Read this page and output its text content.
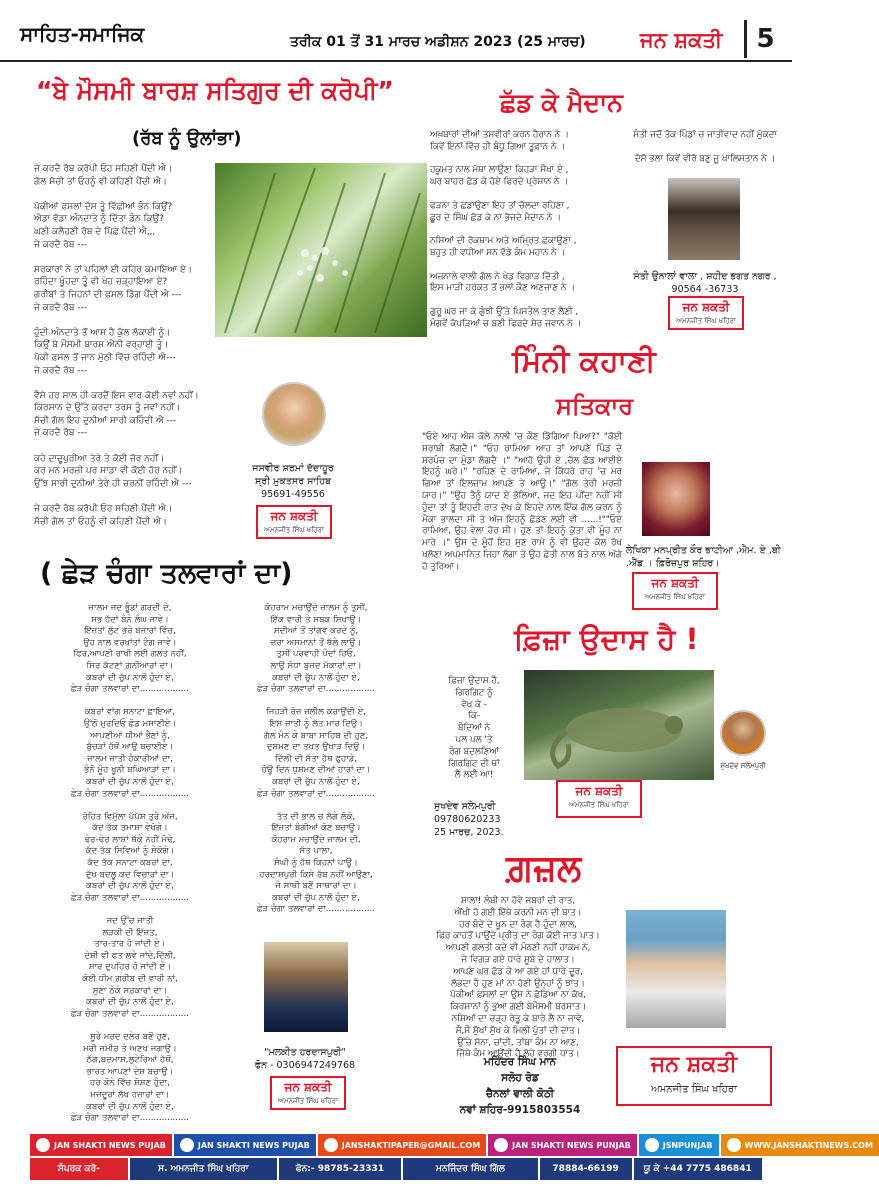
ਸਾਹਿਤ-ਸਮਾਜਿਕ	ਤਰੀਕ 01 ਤੋਂ 31 ਮਾਰਚ ਅਡੀਸ਼ਨ 2023 (25 ਮਾਰਚ)	ਜਨ ਸ਼ਕਤੀ	5
“ਬੇ ਮੌਸਮੀ ਬਾਰਸ਼ ਸਤਿਗੁਰ ਦੀ ਕਰੋਪੀ”
(ਰੱਬ ਨੂੰ ਉਲਾਂਭਾ)
ਜੇ ਕਰਦੈ ਰੱਬ ਕਰੋਪੀ ਓਹ ਸਹਿਣੀ ਪੈਂਦੀ ਐ।
ਗੱਲ ਸੱਚੀ ਤਾਂ ਓਹਨੂੰ ਵੀ ਕਹਿਣੀ ਪੈਂਦੀ ਐ।

ਪੱਕੀਆਂ ਫ਼ਸਲਾਂ ਦੱਸ ਤੂੰ ਵਿੱਛੀਆਂ ਭੰਨ ਕਿਉਂ?
ਐਡਾ ਵੱਡਾ ਅੰਨਦਾਤੇ ਨੂੰ ਦਿੱਤਾ ਡੰਨ ਕਿਉਂ?
ਘਣੀ ਕਲੈਹਣੀ ਰੱਬ ਦੇ ਪਿੱਛੇ ਪੈਂਦੀ ਐ,,,
ਜੇ ਕਰਦੈ ਰੱਬ ---

ਸਰਕਾਰਾਂ ਨੇ ਤਾਂ ਪਹਿਲਾਂ ਈ ਕਹਿਰ ਕਮਾਇਆ ਏ।
ਰਹਿੰਦਾ ਖੂੰਹਦਾ ਤੂੰ ਵੀ ਖੇਹ ਚੜ੍ਹਾਇਆ ਏ?
ਗਰੀਬਾਂ ਤੇ ਜਿਹਨਾਂ ਦੀ ਫ਼ਸਲ ਡਿੱਗ ਪੈਂਦੀ ਐ ---
ਜੇ ਕਰਦੈ ਰੱਬ ---

ਹੁੰਦੀ ਅੰਨਦਾਤੇ ਤੋਂ ਆਸ ਹੈ ਕੁੱਲ ਲੋਕਾਈ ਨੂੰ।
ਕਿਉਂ ਬੇ ਮੌਸਮੀ ਬਾਰਸ਼ ਐਨੀ ਵਰ੍ਹਾਈ ਤੂੰ।
ਪੱਕੀ ਫ਼ਸਲ ਤੋਂ ਜਾਨ ਮੁੱਠੀ ਵਿੱਚ ਰਹਿੰਦੀ ਐ---
ਜੇ ਕਰਦੈ ਰੱਬ ---

ਵੈਸੇ ਹਰ ਸਾਲ ਹੀ ਕਰਦੈਂ ਇਸ ਵਾਰ ਕੋਈ ਨਵਾਂ ਨਹੀਂ।
ਕਿਰਸਾਨ ਦੇ ਉੱਤੇ ਕਰਦਾ ਤਰਸ ਤੂੰ ਜਵਾਂ ਨਹੀਂ।
ਸੱਚੀ ਗੱਲ ਇਹ ਦੁਨੀਆਂ ਸਾਰੀ ਕਹਿੰਦੀ ਐ ---
ਜੇ ਕਰਦੈ ਰੱਬ ---

ਕਹੇ ਦਾਦੂਪੁਰੀਆ ਤੇਰੇ ਤੇ ਕੋਈ ਜ਼ੋਰ ਨਹੀਂ।
ਕਰ ਮਨ ਮਰਜ਼ੀ ਪਰ ਸਾਡਾ ਵੀ ਕੋਈ ਹੋਰ ਨਹੀਂ।
ਉੱਝ ਸਾਰੀ ਦੁਨੀਆਂ ਤੇਰੇ ਹੀ ਚਰਨੀਂ ਰਹਿੰਦੀ ਐ ---

ਜੇ ਕਰਦੈ ਰੱਬ ਕਰੋਪੀ ਓਹ ਸਹਿਣੀ ਪੈਂਦੀ ਐ।
ਸੱਚੀ ਗੱਲ ਤਾਂ ਓਹਨੂੰ ਵੀ ਕਹਿਣੀ ਪੈਂਦੀ ਐ।
ਜਸਵੀਰ ਸ਼ਰਮਾਂ ਦੱਦਾਹੂਰ
ਸ੍ਰੀ ਮੁਕਤਸਰ ਸਾਹਿਬ
95691-49556
ਜਨ ਸ਼ਕਤੀ
ਅਮਨਜੀਤ ਸਿੰਘ ਖਹਿਰਾ
( ਛੇੜ ਚੰਗਾ ਤਲਵਾਰਾਂ ਦਾ)
ਜ਼ਾਲਮ ਜਦ ਭੂੰਡਾਂ ਗਰਦੀ ਦੇ,
ਸਭ ਹੱਦਾਂ ਬੰਨੇ ਲੰਘ ਜਾਵੇ।
ਇੱਜ਼ਤਾਂ ਲੁੱਟ ਭਰੇ ਬਜ਼ਾਰਾਂ ਵਿੱਚ,
ਉਹ ਨਾਲ ਵਰਖਾਂਤਾਂ ਟੰਗ ਜਾਵੇ।
ਫਿਰ,ਆਪਣੀ ਰਾਖੀ ਲਈ ਗਲਤ ਨਹੀਂ,
ਸਿਰ ਕੱਟਣਾਂ ਗ਼ਨੀਆਰਾਂ ਦਾ।
ਕਬਰਾਂ ਦੀ ਚੁੱਪ ਨਾਲੋਂ ਹੁੰਦਾ ਏ,
ਛੇੜ ਚੰਗਾ ਤਲਵਾਰਾਂ ਦਾ..................

ਕਬਰਾਂ ਵਾਂਗ ਸਨਾਟਾ ਛਾਇਆ,
ਉੱਠੋ ਮੁਰਦਿਓ ਛੋਡ ਮਸਾਣੀਏ।
ਆਪਣੀਆਂ ਧੀਆਂ ਭੈਣਾਂ ਨੂੰ,
ਬੁੱਚੜਾਂ ਹੱਥੋਂ ਆਉ ਬਚਾਈਏ।
ਜ਼ਾਲਮ ਜ਼ਾਤੀ ਹੰਕਾਰੀਆਂ ਦਾ,
ਭੰਨੋ ਮੂੰਹ ਖੂਨੀ ਬਘਿਆੜਾਂ ਦਾ।
ਕਬਰਾਂ ਦੀ ਚੁੱਪ ਨਾਲੋਂ ਹੁੰਦਾ ਏ,
ਛੇੜ ਚੰਗਾ ਤਲਵਾਰਾਂ ਦਾ..................

ਰੋਹਿਤ ਵਿਮੁੱਲਾ ਪੱਪੱਸ਼ ਤੁਰੋ ਅੱਜ,
ਕੱਦ ਤੱਕ ਤਮਾਸ਼ਾ ਵੇਖੋਗੇ।
ਢੇਰ-ਢੇਰ ਲਾਸ਼ਾਂ ਥੱਕੇ ਨਹੀਂ ਮੋਢੇ,
ਕੱਦ ਤੱਕ ਸਿਵਿਆਂ ਨੂੰ ਸੇਕੋਗੇ।
ਕੱਦ ਤੱਕ ਸਨਾਟਾ ਕਬਰਾਂ ਦਾ,
ਦੁੱਖ ਬਦਲੂ ਕਦ ਵਿਚਾਰਾਂ ਦਾ।
ਕਬਰਾਂ ਦੀ ਚੁੱਪ ਨਾਲੋਂ ਹੁੰਦਾ ਏ,
ਛੇੜ ਚੰਗਾ ਤਲਵਾਰਾਂ ਦਾ..................

ਜਦ ਉੱਚ ਜਾਤੀ
ਲੜਕੀ ਦੀ ਇੱਜ਼ਤ,
ਤਾਰ-ਤਾਰ ਹੋ ਜਾਂਦੀ ਏ।
ਦੇਸ਼ੀ ਵੀ ਫਤ ਲਵੇ ਜਾਂਦੇ,ਦਿੱਲੀ,
ਸ਼ਾਰ ਦੁਪਹਿਰ ਹੋ ਜਾਂਦੀ ਏ।
ਕੋਈ ਧੀਮ ਗ਼ਰੀਬ ਦੀ ਵਾਰੀ ਨਾਂ,
ਸੁਣਾ ਠੇਕੇ ਸਰਕਾਰਾਂ ਦਾ।
ਕਬਰਾਂ ਦੀ ਚੁੱਪ ਨਾਲੋਂ ਹੁੰਦਾ ਏ,
ਛੇੜ ਚੰਗਾ ਤਲਵਾਰਾਂ ਦਾ..................

ਸੂਰੇ ਮਰਦ ਦਲੇਰ ਬਣੋਂ ਹੁਣ,
ਮਰੀ ਜ਼ਮੀਰ ਤੇ ਅਣਖ ਜਗਾਉ।
ਠੱਗ,ਬਦਮਾਸ਼,ਲੁਟੇਰਿਆਂ ਹੱਥੋਂ,
ਭਾਰਤ ਆਪਣਾਂ ਦੇਸ਼ ਬਚਾਉ।
ਹਰ ਕੋਨੇ ਵਿੱਚ ਸ਼ੋਸ਼ਣ ਹੁੰਦਾ,
ਮਜ਼ਦੂਰਾਂ ਲੱਖ ਹਜ਼ਾਰਾਂ ਦਾ।
ਕਬਰਾਂ ਦੀ ਚੁੱਪ ਨਾਲੋਂ ਹੁੰਦਾ ਏ,
ਛੇੜ ਚੰਗਾ ਤਲਵਾਰਾਂ ਦਾ..................
ਕੋਹਰਾਮ ਮਚਾਉਂਦੇ ਜ਼ਾਲਮ ਨੂੰ ਤੁਸੀਂ,
ਇੱਕ ਵਾਰੀ ਤੇ ਸਬਕ ਸਿਖਾਉ।
ਸਦੀਆਂ ਤੋਂ ਤਾਂਗਵ ਕਰਦੇ ਨੂੰ,
ਜ਼ਰਾ ਅਸਮਾਨਾਂ ਤੋਂ ਥੱਲੇ ਲਾਉ।
ਤੁਸੀਂ ਪਰਵਾਹੀ ਪੰਦਾਂ ਹਿਓ,
ਲਾਉ ਸੋਧਾ ਬੁਜ਼ਦ ਮੱਕਾਰਾਂ ਦਾ।
ਕਬਰਾਂ ਦੀ ਚੁੱਪ ਨਾਲੋਂ ਹੁੰਦਾ ਏ,
ਛੇੜ ਚੰਗਾ ਤਲਵਾਰਾਂ ਦਾ..................

ਜਿਹੜੀ ਰੋਜ਼ ਜ਼ਲੀਲ ਕਰਾਉਂਦੀ ਏ,
ਇਸ ਜ਼ਾਤੀ ਨੂੰ ਲੱਤ ਮਾਰ ਦਿਉ।
ਗੱਲ ਮੰਨ ਕੇ ਬਾਬਾ ਸਾਹਿਬ ਦੀ ਹੁਣ,
ਦੁਸ਼ਮਣ ਦਾ ਤਖ਼ਤ ਉਖਾੜ ਦਿਉ।
ਦਿੱਲੀ ਦੀ ਸੱਤਾ ਹੱਥ ਫੁਹਾਡੇ,
ਹੋਊ ਦਿਨ ਧੁਸ਼ਮਣ ਦੀਆਂ ਹਾਰਾਂ ਦਾ।
ਕਬਰਾਂ ਦੀ ਚੁੱਪ ਨਾਲੋਂ ਹੁੰਦਾ ਏ,
ਛੇੜ ਚੰਗਾ ਤਲਵਾਰਾਂ ਦਾ..................

ਤੱਤ ਦੀ ਭਾਲ ਚ ਲੱਗੇ ਲੋਕੋ,
ਇੱਜ਼ਤਾਂ ਬੰਗੀਆਂ ਕੋਣ ਬਚਾਊ।
ਕੋਹਰਾਮ ਮਚਾਉਂਦੇ ਜ਼ਾਲਮ ਦੀ,
ਸੱਤ ਪਾਲਾ,
ਸੰਘੀ ਨੂੰ ਹੱਥ ਕਿਹਨਾਂ ਪਾਊ।
ਹਰਦਾਸਪੁਰੀ ਕਿਸੇ ਰੱਬ ਨਹੀਂ ਆਉਣਾ,
ਜੇ ਸਾਥੀ ਬਣੋਂ ਸਾਥਾਰਾਂ ਦਾ।
ਕਬਰਾਂ ਦੀ ਚੁੱਪ ਨਾਲੋਂ ਹੁੰਦਾ ਏ,
ਛੇੜ ਚੰਗਾ ਤਲਵਾਰਾਂ ਦਾ..................
"ਮਲਕੀਤ ਹਰਦਾਸਪੁਰੀ"
ਫੋਨ - 0306947249768
ਜਨ ਸ਼ਕਤੀ
ਅਮਨਜੀਤ ਸਿੰਘ ਖਹਿਰਾ
ਛੱਡ ਕੇ ਮੈਦਾਨ
ਅਖ਼ਬਾਰਾਂ ਦੀਆਂ ਤਸਵੀਰਾਂ ਕਰਨ ਹੈਰਾਨ ਨੇ ।
ਕਿਵੇਂ ਇਨਾਂ ਵਿੱਚ ਹੀ ਬੰਧੂ ਗਿਆ ਤੂਫ਼ਾਨ ਨੇ ।

ਹਕੂਮਤ ਨਾਲ ਮੱਥਾ ਲਾਉਣਾ ਕਿਹੜਾ ਸੌਖਾ ਏ ,
ਘਰ ਬਾਹਰ ਛੱਡ ਕੇ ਹੋਏ ਫਿਰਦੇ ਪ੍ਰੇਸ਼ਾਨ ਨੇ ।

ਫੜਨਾ ਤੇ ਛਡਾਉਣਾ ਇਹ ਤਾਂ ਚੱਲਦਾ ਰਹਿਣਾ ,
ਛੂਰ ਦੇ ਸਿੰਘ ਛੱਡ ਕੇ ਨਾ ਭੱਜਦੇ ਮੈਦਾਨ ਨੇ ।

ਨਸ਼ਿਆਂ ਦੀ ਰੋਕਥਾਮ ਅਤੇ ਅਮ੍ਰਿਤ ਛਕਾਉਣਾ ,
ਬਹੁਤ ਹੀ ਵਧੀਆ ਸਨ ਵੱਡੇ ਕੰਮ ਮਹਾਨ ਨੇ ।

ਅਜਨਾਲੇ ਵਾਲੀ ਗੱਲ ਨੇ ਖੇਡ ਵਿਗਾੜ ਦਿੱਤੀ ,
ਇਸ ਮਾੜੀ ਹਰਕਤ ਤੋਂ ਭਲਾਂ ਕੌਣ ਅਣਜਾਣ ਨੇ ।

ਗੁਰੂ ਘਰ ਜਾ ਕੇ ਗੁੰਝੀ ਉੱਤੇ ਪਿਸਤੌਲ ਤਾਣ ਲੈਣੀ ,
ਮੰਗਵੇਂ ਕੱਪੜਿਆਂ ਚ ਬਣੀ ਫਿਰਦੇ ਸ਼ੇਰ ਜਵਾਨ ਨੇ ।
ਸੰਤੀ ਜਦੋਂ ਤੱਕ ਪਿੰਡਾਂ ਚ ਜਾਤੀਵਾਦ ਨਹੀਂ ਮੁੱਕਦਾ

ਦੱਸੋ ਭਲਾ ਕਿਵੇਂ ਵੀਰੋ ਬਣੁ ਜੂ ਖਾਲਿਸਤਾਨ ਨੇ ।
ਸੰਤੀ ਉਨਾਲਾਂ ਵਾਲਾ , ਸ਼ਹੀਦ ਭਗਤ ਨਗਰ ,
90564 -36733
ਜਨ ਸ਼ਕਤੀ
ਅਮਨਜੀਤ ਸਿੰਘ ਖਹਿਰਾ
ਮਿੰਨੀ ਕਹਾਣੀ
ਸਤਿਕਾਰ
"ਓਏ ਆਹ ਐਸ ਕੋਲੇ ਨਾਲੀ 'ਚ ਕੌਣ ਡਿੱਗਿਆ ਪਿਆ?" "ਕੋਈ ਸ਼ਰਾਬੀ ਲੱਗਦੈ।" "ਓਹ ਰਾਮਿਆ ਆਹ ਤਾਂ ਆਪਣੇ ਪਿੰਡ ਦੇ ਸਰਪੰਚ ਦਾ ਮੁੰਡਾ ਲੱਗਦੈ ।" "ਆਹੋ ਉਹੀ ਏ ,ਚੱਲ ਛੱਡ ਆਈਏ ਇਹਨੂੰ ਘਰੇ।" "ਰਹਿਣ ਦੇ ਰਾਮਿਆ, ਜੇ ਕਿੱਧਰੇ ਰਾਹ 'ਚ ਮਰ ਗਿਆ ਤਾਂ ਇਲਜ਼ਾਮ ਆਪਣੇ ਤੇ ਆਊ।" "ਗੱਲ ਤੇਰੀ ਮਰਜ਼ੀ ਯਾਰ।" "ਉਹ ਤੈਨੂੰ ਯਾਦ ਏ ਭੋਲਿਆ, ਜਦ ਇਹ ਪੀਂਦਾ ਨਹੀਂ ਸੀ ਹੁੰਦਾ ਤਾਂ ਤੂੰ ਇਹਦੀ ਰਾਤ ਦੇਖ ਕੇ ਇਹਦੇ ਨਾਲ ਇੱਕ ਗੱਲ ਕਰਨ ਨੂੰ ਮੌਕਾ ਭਾਲਦਾ ਸੀ ਤੇ ਅੱਜ ਇਹਨੂੰ ਛੱਡਣ ਲਈ ਵੀ ......!""ਓਏ ਰਾਮਿਆ, ਉਹ ਵੇਲਾ ਹੋਰ ਸੀ। ਹੁਣ ਤਾਂ ਇਹਨੂੰ ਕੁੱਤਾ ਵੀ ਮੂੰਹ ਨਾ ਮਾਰੇ ।" ਉਸ ਦੇ ਮੂੰਹੋਂ ਇਹ ਸੁਣ ਰਾਮੇ ਨੂੰ ਵੀ ਉਹਦੇ ਕੋਲ ਰੱਖ ਖਲੋਣਾ ਅਪਮਾਨਿਤ ਜਿਹਾ ਲੱਗਾ ਤੇ ਉਹ ਛੇਤੀ ਨਾਲ ਬੱਤੇ ਨਾਲ ਅੱਗੇ ਹੋ ਤੁਰਿਆ।
ਲੇਖਿਕਾ ਮਨਪ੍ਰੀਤ ਕੌਰ ਭਾਟੀਆ ,ਐਮ. ਏ ,ਬੀ .ਐੱਡ । ਫ਼ਿਰੋਜ਼ਪੁਰ ਸ਼ਹਿਰ।
ਜਨ ਸ਼ਕਤੀ
ਅਮਨਜੀਤ ਸਿੰਘ ਖਹਿਰਾ
ਫ਼ਿਜ਼ਾ ਉਦਾਸ ਹੈ !
ਫ਼ਿਜ਼ਾ ਉਦਾਸ ਹੈ,
ਗਿਰਗਿਟ ਨੂੰ
ਵੇਖ ਕੇ -
ਕਿ-
ਬੰਦਿਆਂ ਨੇ
ਪਲ ਪਲ 'ਤੇ
ਰੰਗ ਬਦਲਣਿਆਂ
ਗਿਰਗਿਟ ਦੀ ਥਾਂ
ਲੈ ਲਈ ਆ!
ਸੁਖਦੇਵ ਸਲੇਮਪੁਰੀ
ਸੁਖਦੇਵ ਸਲੇਮਪੁਰੀ
09780620233
25 ਮਾਰਚ, 2023.
ਜਨ ਸ਼ਕਤੀ
ਅਮਨਜੀਤ ਸਿੰਘ ਖਹਿਰਾ
ਗ਼ਜ਼ਲ
ਸ਼ਾਲਾ! ਲੰਬੀ ਨਾ ਹੋਵੇ ਜਬਰਾਂ ਦੀ ਰਾਤ,
ਐਂਖੀ ਹੋ ਗਈ ਇੱਥੇ ਕਰਨੀ ਮਨ ਦੀ ਬਾਤ।
ਹਰ ਬੰਦੇ ਦੇ ਖੂਨ ਦਾ ਰੰਗ ਹੈ ਹੁੰਦਾ ਲਾਲ,
ਫਿਰ ਕਾਹਤੋਂ ਪਾਉਂਦੇ ਪ੍ਰੀਤ ਦਾ ਰੰਗ ਕੋਈ ਜਾਤ ਪਾਤ।
ਆਪਣੀ ਗਲਤੀ ਕਦੇ ਵੀ ਮੰਨਣੀ ਨਹੀਂ ਹਾਕਮ ਨੇ,
ਜੇ ਵਿਗੜ ਗਏ ਧਾਰੇ ਸੂਬੇ ਦੇ ਹਾਲਾਤ।
ਆਪਣੇ ਘਰ ਛੱਡ ਕੇ ਆ ਗਏ ਹਾਂ ਧਾਰੇ ਦੂਰ,
ਲੱਭਦਾ ਹੈ ਹੁਣ ਮਾਂ ਨਾ ਹੋਣੀ ਉਨ੍ਹਾਂ ਨੂੰ ਝਾਤ।
ਪੱਕੀਆਂ ਫ਼ਸਲਾਂ ਦਾ ਉਸ ਨੇ ਛੱਡਿਆ ਨਾ ਕੱਖ,
ਕਿਰਸਾਨਾਂ ਨੂੰ ਭੁਆ ਗਈ ਬੇਮੌਸਮੀ ਬਰਸਾਤ।
ਨਸ਼ਿਆਂ ਦਾ ਚੜ੍ਹ ਰੇਤੂ ਕੇ ਬਾਰੇ ਲੈ ਨਾ ਜਾਵੇ,
ਸੌ,ਸੌ ਸੁੱਖਾਂ ਸੁੱਖ ਕੇ ਮਿਲੀ ਪੁੱਤਾਂ ਦੀ ਦਾਤ।
ਉੱਚੇ ਸੋਨਾ, ਚਾਂਦੀ, ਤਾਂਬਾ ਕੰਮ ਨਾ ਆਣ,
ਜਿੱਥੇ ਕੰਮ ਆਉਂਦੀ ਹੈ ਲੋਹੇ ਵਰਗੀ ਧਾਤ।
ਮਹਿੰਦਰ ਸਿੰਘ ਮਾਨ
ਸਲੋਹ ਰੋਡ
ਚੈਨਲਾਂ ਵਾਲੀ ਕੋਠੀ
ਨਵਾਂ ਸ਼ਹਿਰ-9915803554
ਜਨ ਸ਼ਕਤੀ
ਅਮਨਜੀਤ ਸਿੰਘ ਖਹਿਰਾ
JAN SHAKTI NEWS PUJAB	JAN SHAKTI NEWS PUJAB	JANSHAKTIPAPER@GMAIL.COM	JAN SHAKTI NEWS PUNJAB	JSNPUNJAB	WWW.JANSHAKTINEWS.COM
ਸੰਪਰਕ ਕਰੋ-	ਸ. ਅਮਨਜੀਤ ਸਿੰਘ ਖਹਿਰਾ	ਫੋਨ:- 98785-23331	ਮਨਜਿੰਦਰ ਸਿੰਘ ਗਿੱਲ	78884-66199	ਯੂ ਕੇ +44 7775 486841
